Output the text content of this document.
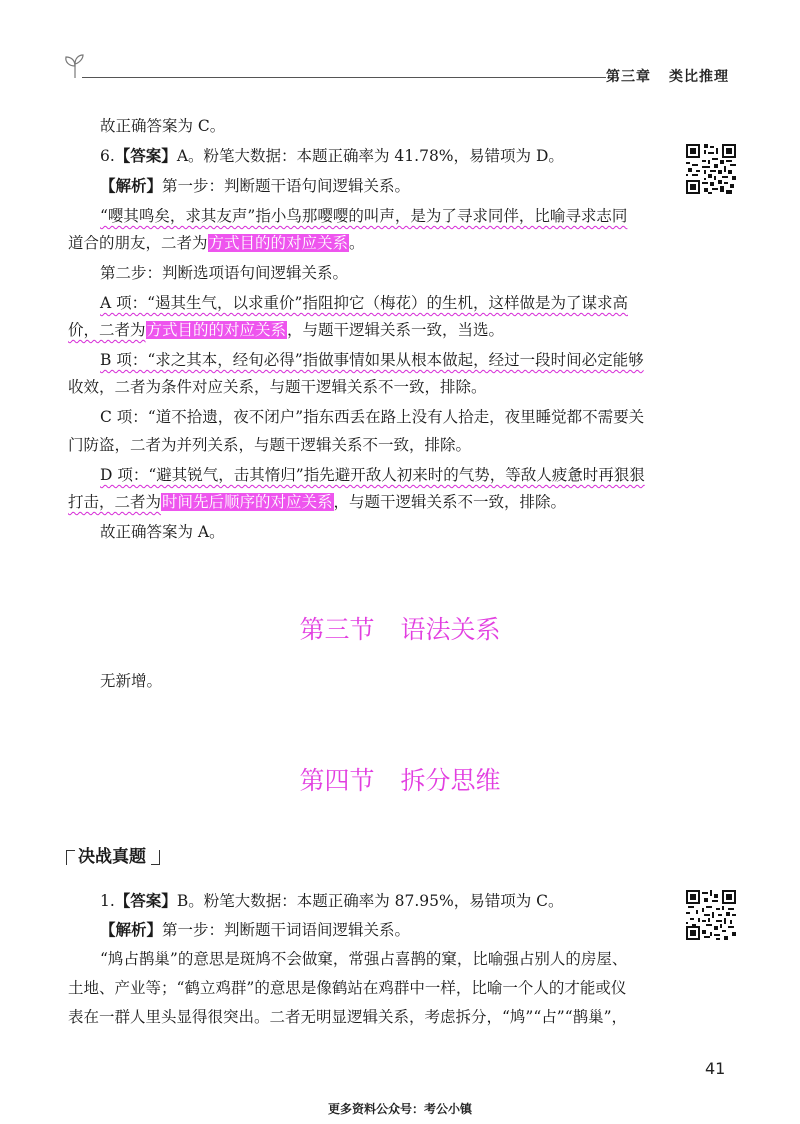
第三章 类比推理
故正确答案为 C。
6.【答案】A。粉笔大数据：本题正确率为 41.78%，易错项为 D。
【解析】第一步：判断题干语句间逻辑关系。
“嘤其鸣矣，求其友声”指小鸟那嘤嘤的叫声，是为了寻求同伴，比喻寻求志同
道合的朋友，二者为方式目的的对应关系。
第二步：判断选项语句间逻辑关系。
A 项：“遏其生气，以求重价”指阻抑它（梅花）的生机，这样做是为了谋求高
价，二者为方式目的的对应关系，与题干逻辑关系一致，当选。
B 项：“求之其本，经旬必得”指做事情如果从根本做起，经过一段时间必定能够
收效，二者为条件对应关系，与题干逻辑关系不一致，排除。
C 项：“道不拾遗，夜不闭户”指东西丢在路上没有人拾走，夜里睡觉都不需要关
门防盗，二者为并列关系，与题干逻辑关系不一致，排除。
D 项：“避其锐气，击其惰归”指先避开敌人初来时的气势，等敌人疲惫时再狠狠
打击，二者为时间先后顺序的对应关系，与题干逻辑关系不一致，排除。
故正确答案为 A。
第三节 语法关系
无新增。
第四节 拆分思维
决战真题
1.【答案】B。粉笔大数据：本题正确率为 87.95%，易错项为 C。
【解析】第一步：判断题干词语间逻辑关系。
“鸠占鹊巢”的意思是斑鸠不会做窠，常强占喜鹊的窠，比喻强占别人的房屋、
土地、产业等；“鹤立鸡群”的意思是像鹤站在鸡群中一样，比喻一个人的才能或仪
表在一群人里头显得很突出。二者无明显逻辑关系，考虑拆分，“鸠”“占”“鹊巢”，
41
更多资料公众号：考公小镇
